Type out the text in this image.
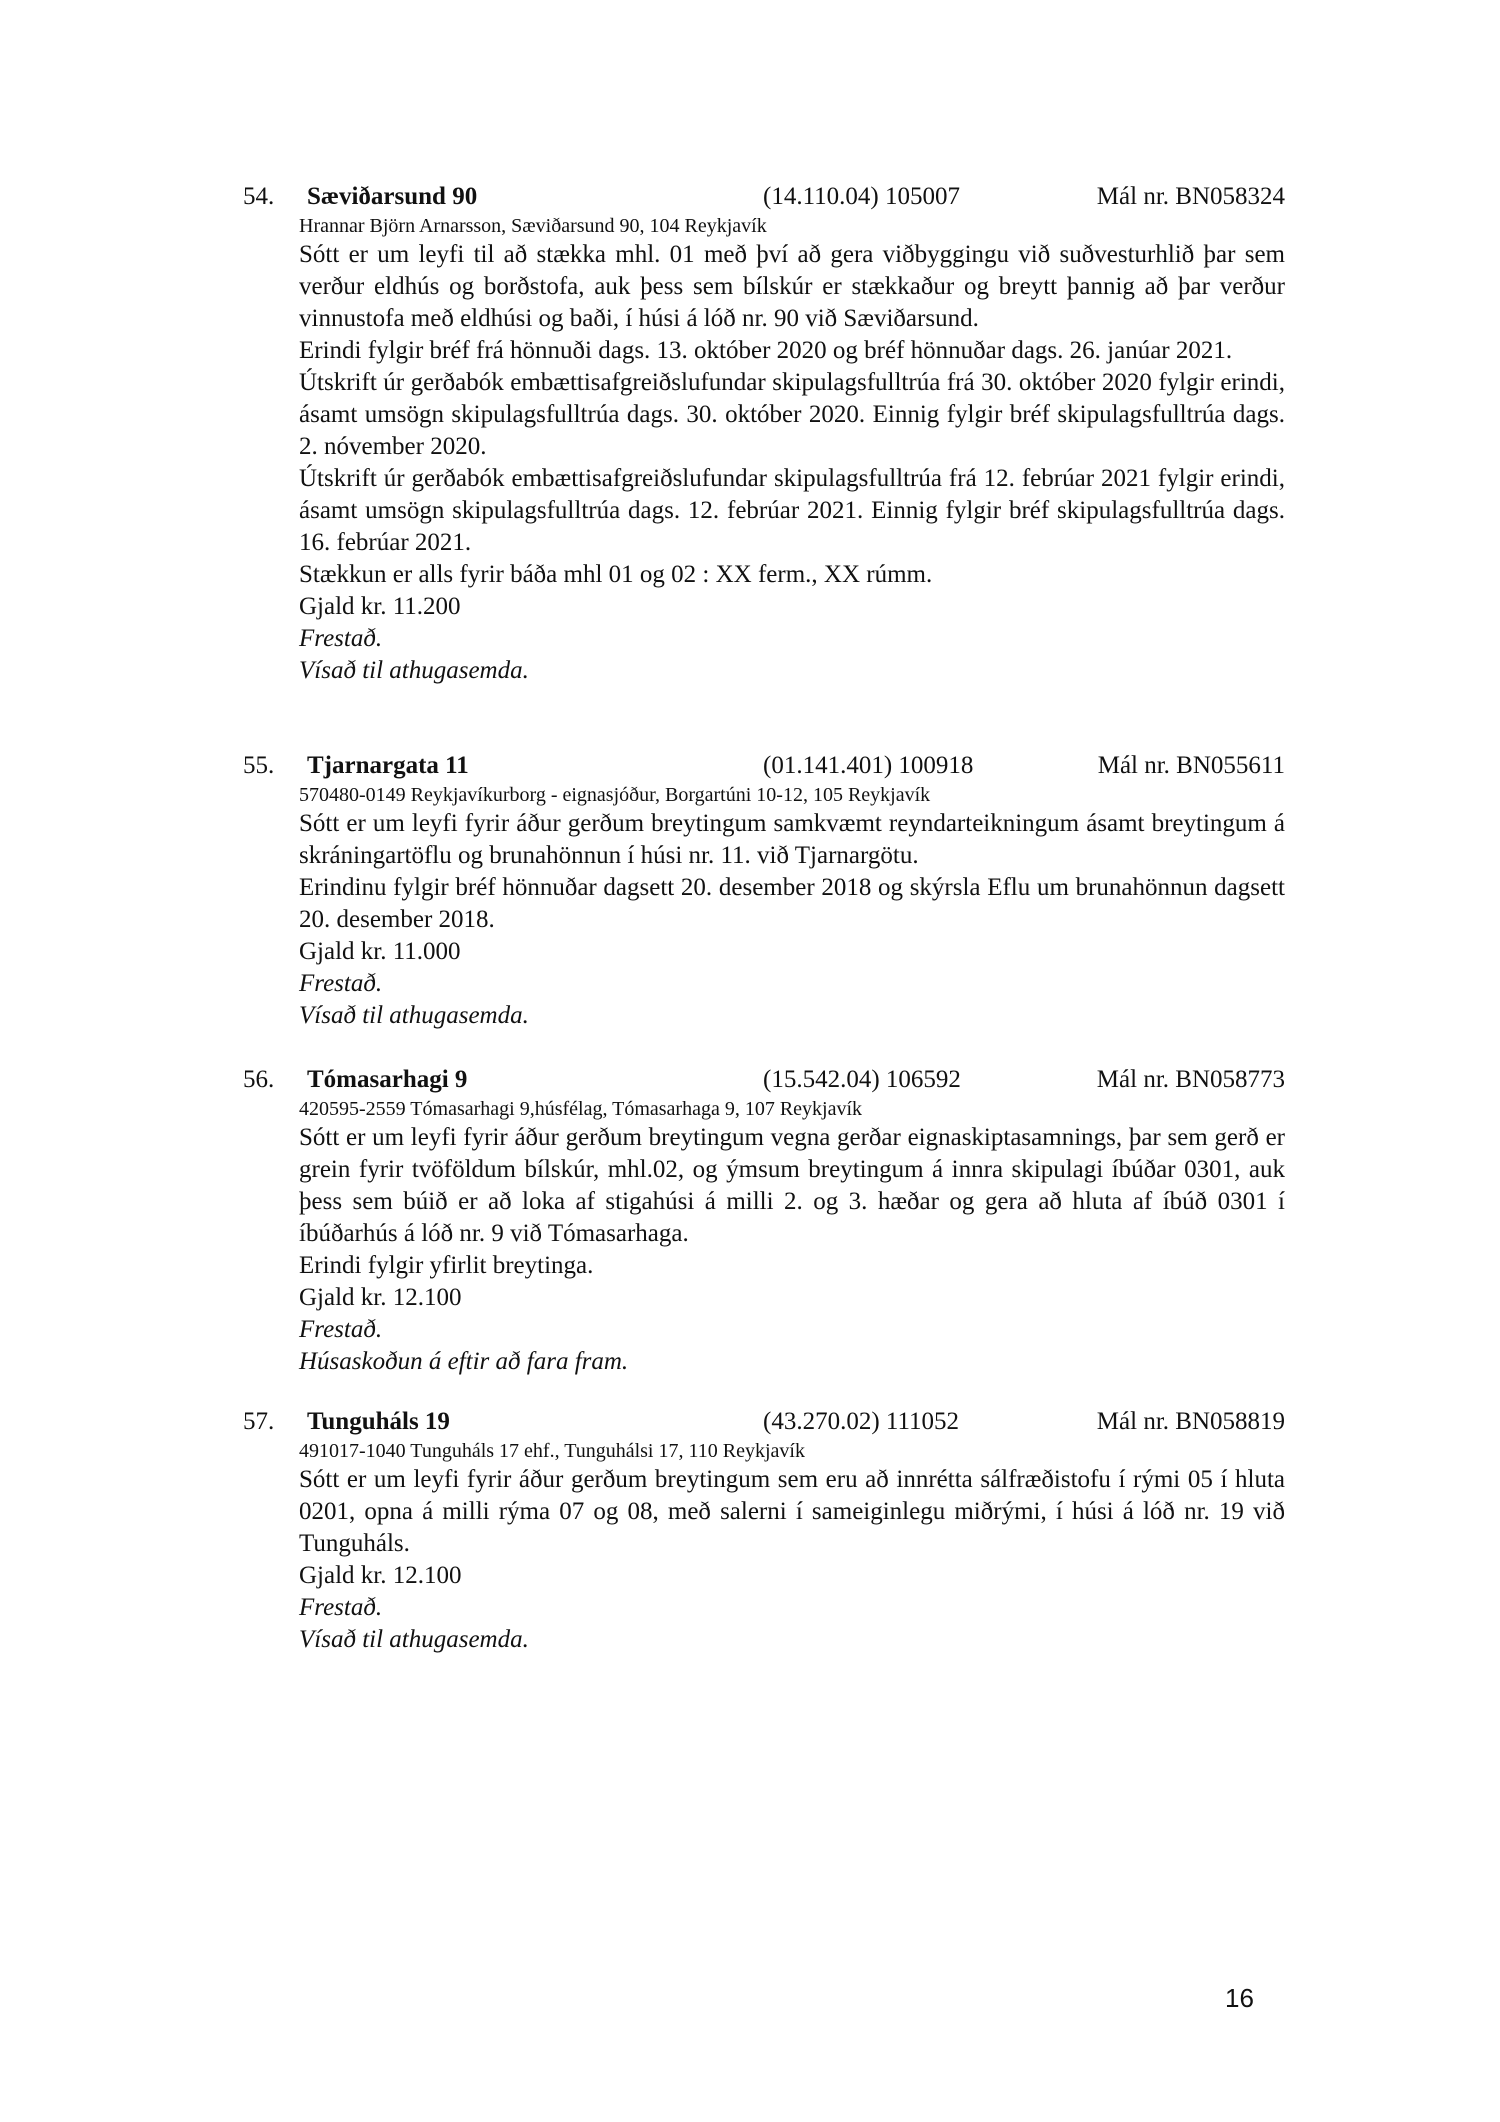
54. Sæviðarsund 90	(14.110.04) 105007	Mál nr. BN058324
Hrannar Björn Arnarsson, Sæviðarsund 90, 104 Reykjavík
Sótt er um leyfi til að stækka mhl. 01 með því að gera viðbyggingu við suðvesturhlið þar sem verður eldhús og borðstofa, auk þess sem bílskúr er stækkaður og breytt þannig að þar verður vinnustofa með eldhúsi og baði, í húsi á lóð nr. 90 við Sæviðarsund.
Erindi fylgir bréf frá hönnuði dags. 13. október 2020 og bréf hönnuðar dags. 26. janúar 2021.
Útskrift úr gerðabók embættisafgreiðslufundar skipulagsfulltrúa frá 30. október 2020 fylgir erindi, ásamt umsögn skipulagsfulltrúa dags. 30. október 2020. Einnig fylgir bréf skipulagsfulltrúa dags. 2. nóvember 2020.
Útskrift úr gerðabók embættisafgreiðslufundar skipulagsfulltrúa frá 12. febrúar 2021 fylgir erindi, ásamt umsögn skipulagsfulltrúa dags. 12. febrúar 2021. Einnig fylgir bréf skipulagsfulltrúa dags. 16. febrúar 2021.
Stækkun er alls fyrir báða mhl 01 og 02 : XX ferm., XX rúmm.
Gjald kr. 11.200
Frestað.
Vísað til athugasemda.
55. Tjarnargata 11	(01.141.401) 100918	Mál nr. BN055611
570480-0149 Reykjavíkurborg - eignasjóður, Borgartúni 10-12, 105 Reykjavík
Sótt er um leyfi fyrir áður gerðum breytingum samkvæmt reyndarteikningum ásamt breytingum á skráningartöflu og brunahönnun í húsi nr. 11. við Tjarnargötu.
Erindinu fylgir bréf hönnuðar dagsett 20. desember 2018 og skýrsla Eflu um brunahönnun dagsett 20. desember 2018.
Gjald kr. 11.000
Frestað.
Vísað til athugasemda.
56. Tómasarhagi 9	(15.542.04) 106592	Mál nr. BN058773
420595-2559 Tómasarhagi 9,húsfélag, Tómasarhaga 9, 107 Reykjavík
Sótt er um leyfi fyrir áður gerðum breytingum vegna gerðar eignaskiptasamnings, þar sem gerð er grein fyrir tvöföldum bílskúr, mhl.02, og ýmsum breytingum á innra skipulagi íbúðar 0301, auk þess sem búið er að loka af stigahúsi á milli 2. og 3. hæðar og gera að hluta af íbúð 0301 í íbúðarhús á lóð nr. 9 við Tómasarhaga.
Erindi fylgir yfirlit breytinga.
Gjald kr. 12.100
Frestað.
Húsaskoðun á eftir að fara fram.
57. Tunguháls 19	(43.270.02) 111052	Mál nr. BN058819
491017-1040 Tunguháls 17 ehf., Tunguhálsi 17, 110 Reykjavík
Sótt er um leyfi fyrir áður gerðum breytingum sem eru að innrétta sálfræðistofu í rými 05 í hluta 0201, opna á milli rýma 07 og 08, með salerni í sameiginlegu miðrými, í húsi á lóð nr. 19 við Tunguháls.
Gjald kr. 12.100
Frestað.
Vísað til athugasemda.
16
